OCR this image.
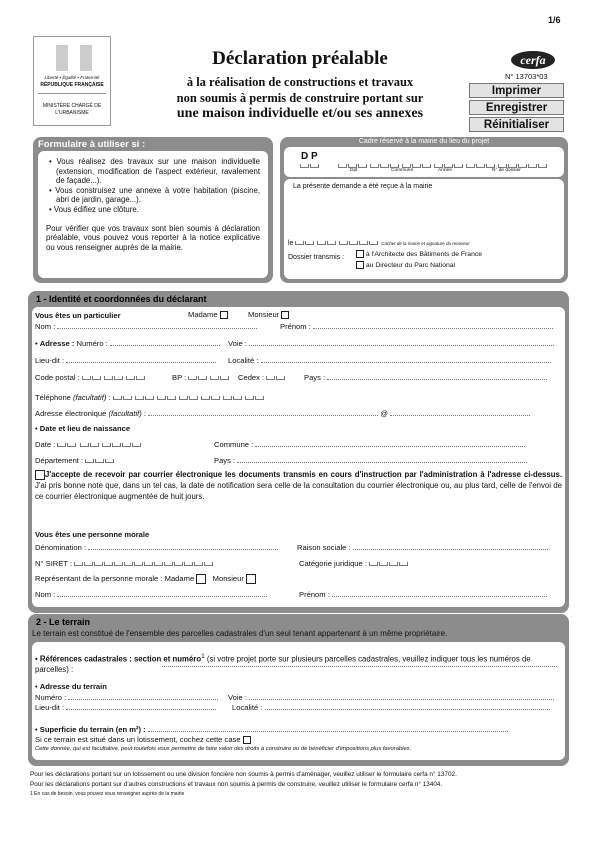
1/6
Liberté • Égalité • Fraternité
RÉPUBLIQUE FRANÇAISE
MINISTÈRE CHARGÉ DE L'URBANISME
Déclaration préalable
à la réalisation de constructions et travaux
non soumis à permis de construire portant sur
une maison individuelle et/ou ses annexes
cerfa
N° 13703*03
Imprimer
Enregistrer
Réinitialiser
Formulaire à utiliser si :
• Vous réalisez des travaux sur une maison individuelle (extension, modification de l'aspect extérieur, ravalement de façade...).
• Vous construisez une annexe à votre habitation (piscine, abri de jardin, garage...).
• Vous édifiez une clôture.
Pour vérifier que vos travaux sont bien soumis à déclaration préalable, vous pouvez vous reporter à la notice explicative ou vous renseigner auprès de la mairie.
Cadre réservé à la mairie du lieu du projet
D P

Dpt	Commune	Année	N° de dossier
La présente demande a été reçue à la mairie
le	Cachet de la mairie et signature du receveur
Dossier transmis :	à l'Architecte des Bâtiments de France
au Directeur du Parc National
1 - Identité et coordonnées du déclarant
Vous êtes un particulier	Madame	Monsieur
Nom :	Prénom :
• Adresse : Numéro :	Voie :
Lieu-dit :	Localité :
Code postal :	BP :	Cedex :	Pays :
Téléphone (facultatif) :
Adresse électronique (facultatif) :	@
• Date et lieu de naissance
Date :	Commune :
Département :	Pays :
J'accepte de recevoir par courrier électronique les documents transmis en cours d'instruction par l'administration à l'adresse ci-dessus. J'ai pris bonne note que, dans un tel cas, la date de notification sera celle de la consultation du courrier électronique ou, au plus tard, celle de l'envoi de ce courrier électronique augmentée de huit jours.
Vous êtes une personne morale
Dénomination :	Raison sociale :
N° SIRET :	Catégorie juridique :
Représentant de la personne morale : Madame Monsieur
Nom :	Prénom :
2 - Le terrain
Le terrain est constitué de l'ensemble des parcelles cadastrales d'un seul tenant appartenant à un même propriétaire.
• Références cadastrales : section et numéro$^1$ (si votre projet porte sur plusieurs parcelles cadastrales, veuillez indiquer tous les numéros de parcelles) :
• Adresse du terrain
Numéro :	Voie :
Lieu-dit :	Localité :
• Superficie du terrain (en m²) :
Si ce terrain est situé dans un lotissement, cochez cette case
Cette donnée, qui est facultative, peut toutefois vous permettre de faire valoir des droits à construire ou de bénéficier d'impositions plus favorables.
Pour les déclarations portant sur un lotissement ou une division foncière non soumis à permis d'aménager, veuillez utiliser le formulaire cerfa n° 13702.
Pour les déclarations portant sur d'autres constructions et travaux non soumis à permis de construire, veuillez utiliser le formulaire cerfa n° 13404.
1 En cas de besoin, vous pouvez vous renseigner auprès de la mairie
